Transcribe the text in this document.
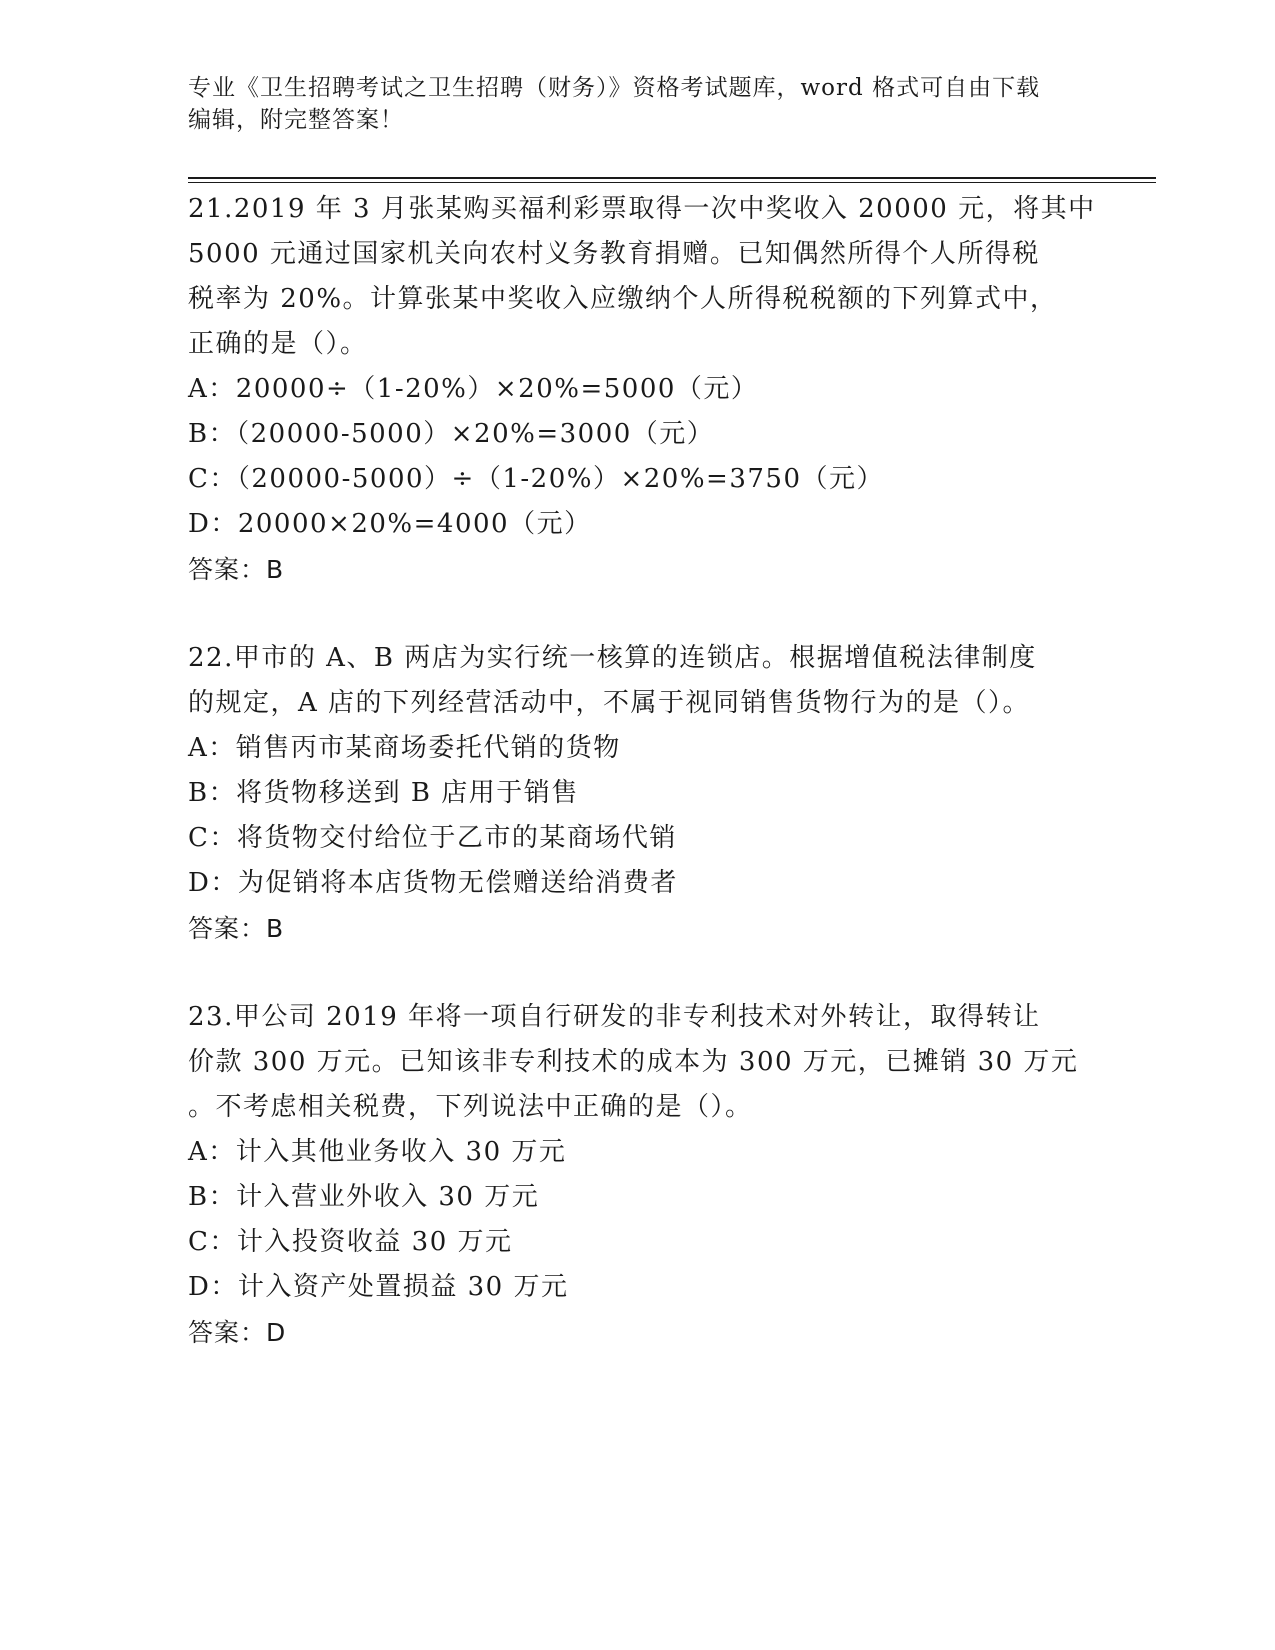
专业《卫生招聘考试之卫生招聘（财务）》资格考试题库，word 格式可自由下载
编辑，附完整答案！
21.2019 年 3 月张某购买福利彩票取得一次中奖收入 20000 元，将其中
5000 元通过国家机关向农村义务教育捐赠。已知偶然所得个人所得税
税率为 20%。计算张某中奖收入应缴纳个人所得税税额的下列算式中，
正确的是（）。
A：20000÷（1-20%）×20%=5000（元）
B：（20000-5000）×20%=3000（元）
C：（20000-5000）÷（1-20%）×20%=3750（元）
D：20000×20%=4000（元）
答案：B
22.甲市的 A、B 两店为实行统一核算的连锁店。根据增值税法律制度
的规定，A 店的下列经营活动中，不属于视同销售货物行为的是（）。
A：销售丙市某商场委托代销的货物
B：将货物移送到 B 店用于销售
C：将货物交付给位于乙市的某商场代销
D：为促销将本店货物无偿赠送给消费者
答案：B
23.甲公司 2019 年将一项自行研发的非专利技术对外转让，取得转让
价款 300 万元。已知该非专利技术的成本为 300 万元，已摊销 30 万元
。不考虑相关税费，下列说法中正确的是（）。
A：计入其他业务收入 30 万元
B：计入营业外收入 30 万元
C：计入投资收益 30 万元
D：计入资产处置损益 30 万元
答案：D
